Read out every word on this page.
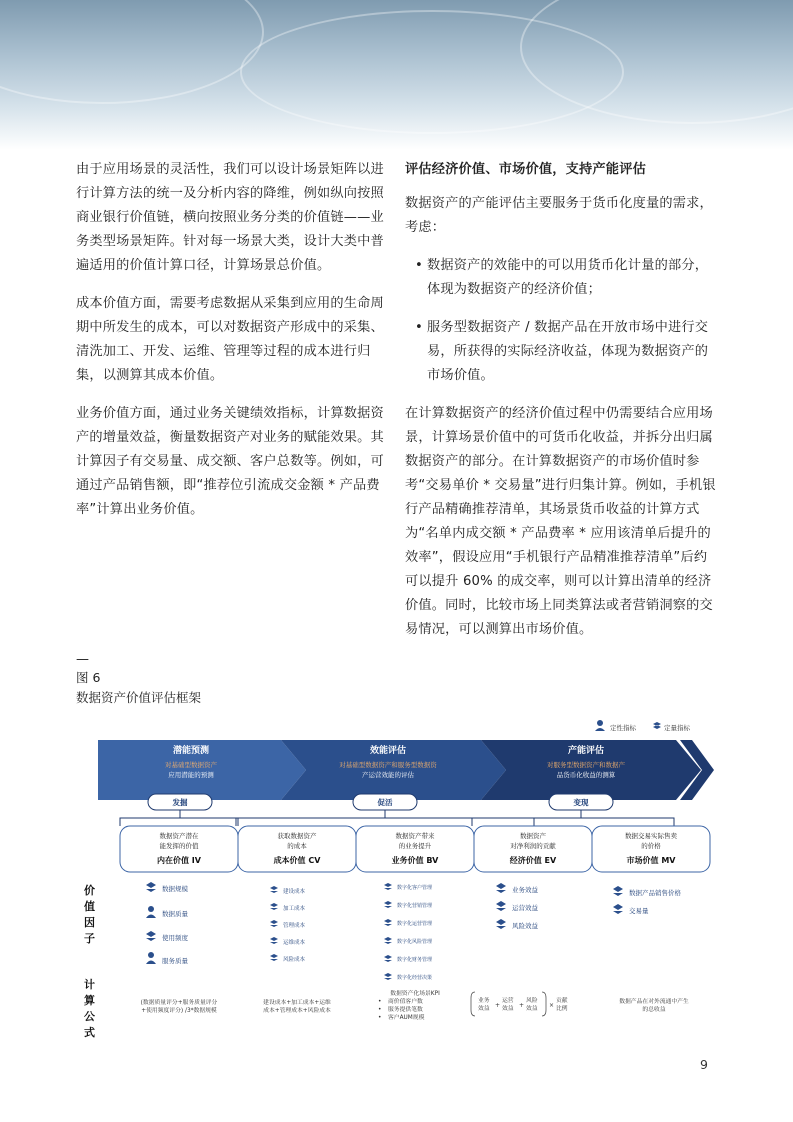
由于应用场景的灵活性，我们可以设计场景矩阵以进行计算方法的统一及分析内容的降维，例如纵向按照商业银行价值链，横向按照业务分类的价值链——业务类型场景矩阵。针对每一场景大类，设计大类中普遍适用的价值计算口径，计算场景总价值。

成本价值方面，需要考虑数据从采集到应用的生命周期中所发生的成本，可以对数据资产形成中的采集、清洗加工、开发、运维、管理等过程的成本进行归集，以测算其成本价值。

业务价值方面，通过业务关键绩效指标，计算数据资产的增量效益，衡量数据资产对业务的赋能效果。其计算因子有交易量、成交额、客户总数等。例如，可通过产品销售额，即“推荐位引流成交金额 * 产品费率”计算出业务价值。

评估经济价值、市场价值，支持产能评估

数据资产的产能评估主要服务于货币化度量的需求，考虑：

• 数据资产的效能中的可以用货币化计量的部分，体现为数据资产的经济价值；
• 服务型数据资产 / 数据产品在开放市场中进行交易，所获得的实际经济收益，体现为数据资产的市场价值。

在计算数据资产的经济价值过程中仍需要结合应用场景，计算场景价值中的可货币化收益，并拆分出归属数据资产的部分。在计算数据资产的市场价值时参考“交易单价 * 交易量”进行归集计算。例如，手机银行产品精确推荐清单，其场景货币收益的计算方式为“名单内成交额 * 产品费率 * 应用该清单后提升的效率”，假设应用“手机银行产品精准推荐清单”后约可以提升 60% 的成交率，则可以计算出清单的经济价值。同时，比较市场上同类算法或者营销洞察的交易情况，可以测算出市场价值。

—
图 6
数据资产价值评估框架
定性指标	定量指标
潜能预测
对基础型数据资产
应用潜能的预测
效能评估
对基础型数据资产和服务型数据资
产运营效能的评估
产能评估
对服务型数据资产和数据产
品货币化收益的测算
发掘	促活	变现
数据资产潜在
能发挥的价值
内在价值 IV
获取数据资产
的成本
成本价值 CV
数据资产带来
的业务提升
业务价值 BV
数据资产
对净利润的贡献
经济价值 EV
数据交易实际售卖
的价格
市场价值 MV
价
值
因
子
计
算
公
式
数据规模
数据质量
使用频度
服务质量
建设成本
加工成本
管理成本
运维成本
风险成本
数字化客户管理
数字化营销管理
数字化运营管理
数字化风险管理
数字化财务管理
数字化经营决策
业务效益
运营效益
风险效益
数据产品销售价格
交易量
(数据质量评分+服务质量评分
+使用频度评分) /3*数据规模
建设成本+加工成本+运维
成本+管理成本+风险成本
数据资产化场景KPI
• 商价值客户数
• 服务提供笔数
• 客户AUM规模
业务
效益 +
运营
效益 +
风险
效益 ×
贡献
比例
数据产品在对外流通中产生
的总收益
9
